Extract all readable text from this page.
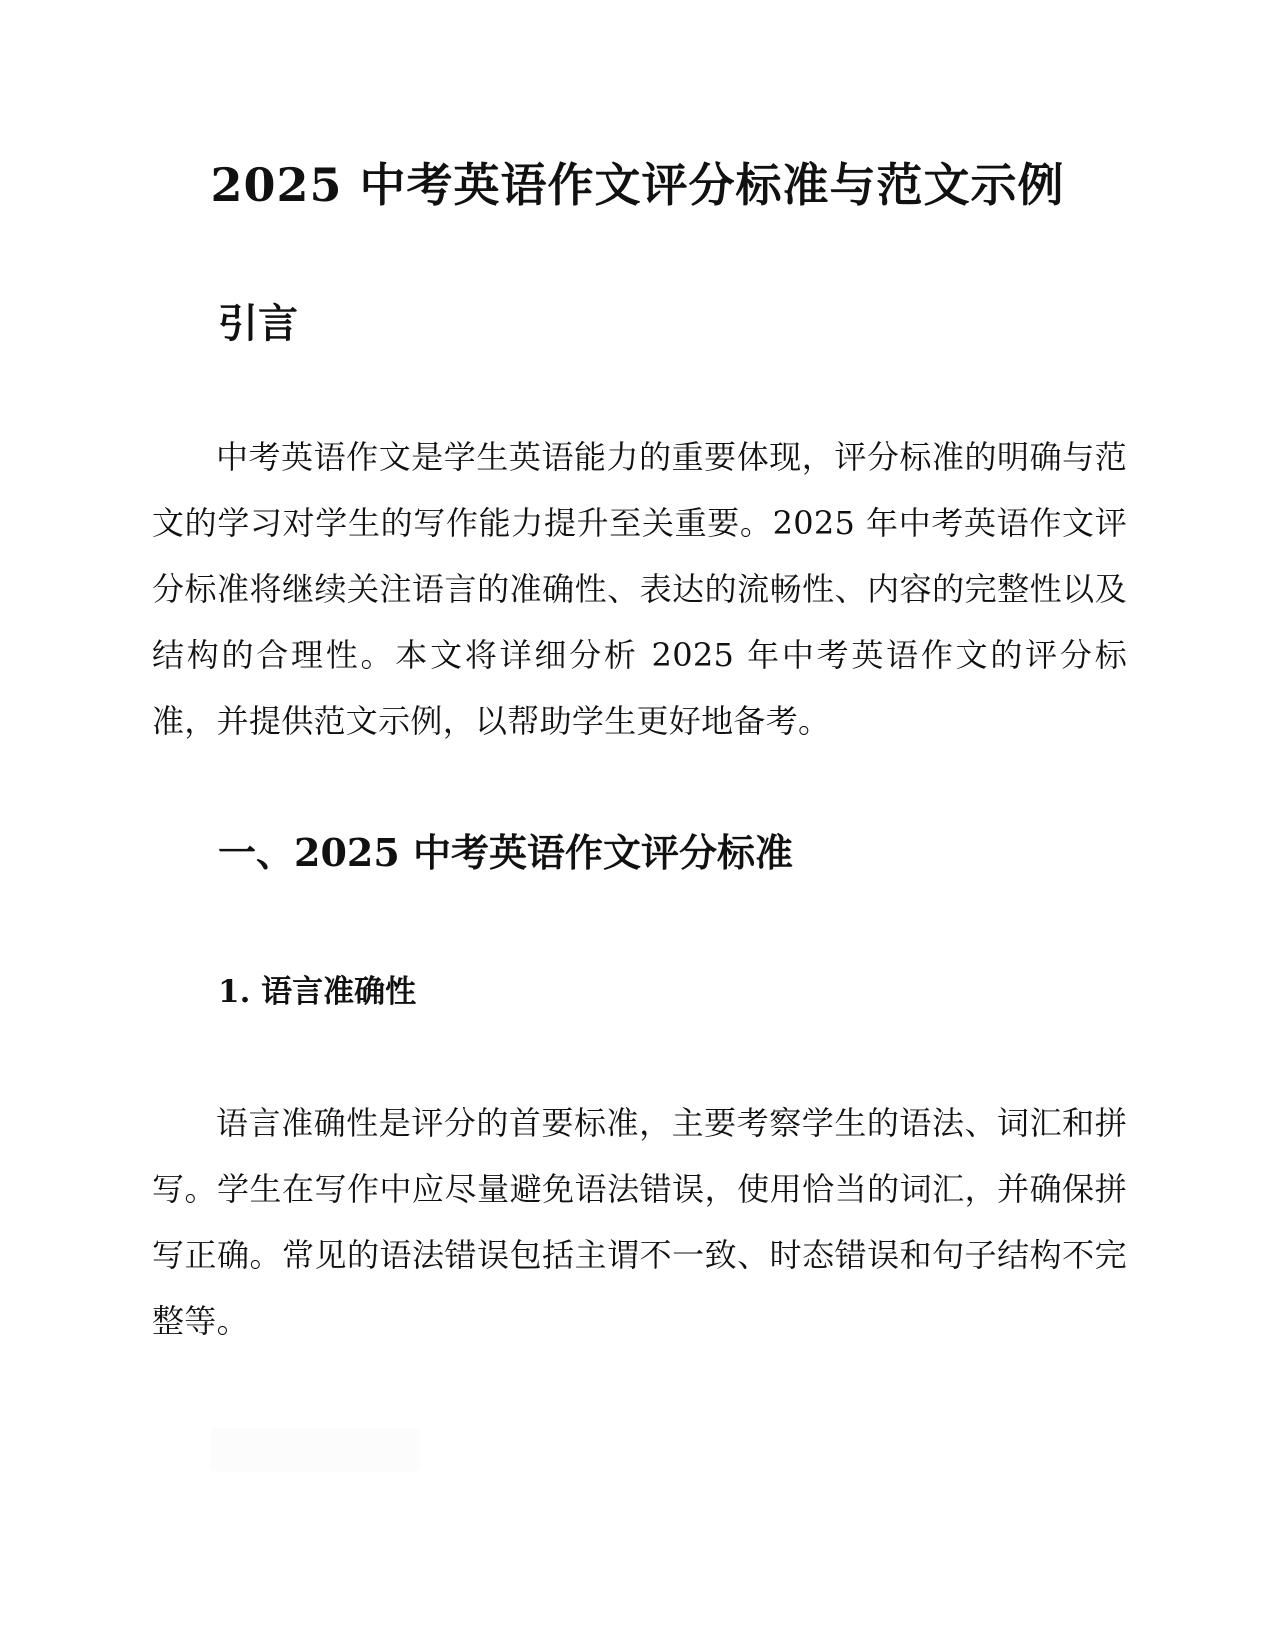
2025 中考英语作文评分标准与范文示例
引言

中考英语作文是学生英语能力的重要体现，评分标准的明确与范文的学习对学生的写作能力提升至关重要。2025 年中考英语作文评分标准将继续关注语言的准确性、表达的流畅性、内容的完整性以及结构的合理性。本文将详细分析 2025 年中考英语作文的评分标准，并提供范文示例，以帮助学生更好地备考。

一、2025 中考英语作文评分标准
1. 语言准确性

语言准确性是评分的首要标准，主要考察学生的语法、词汇和拼写。学生在写作中应尽量避免语法错误，使用恰当的词汇，并确保拼写正确。常见的语法错误包括主谓不一致、时态错误和句子结构不完整等。
